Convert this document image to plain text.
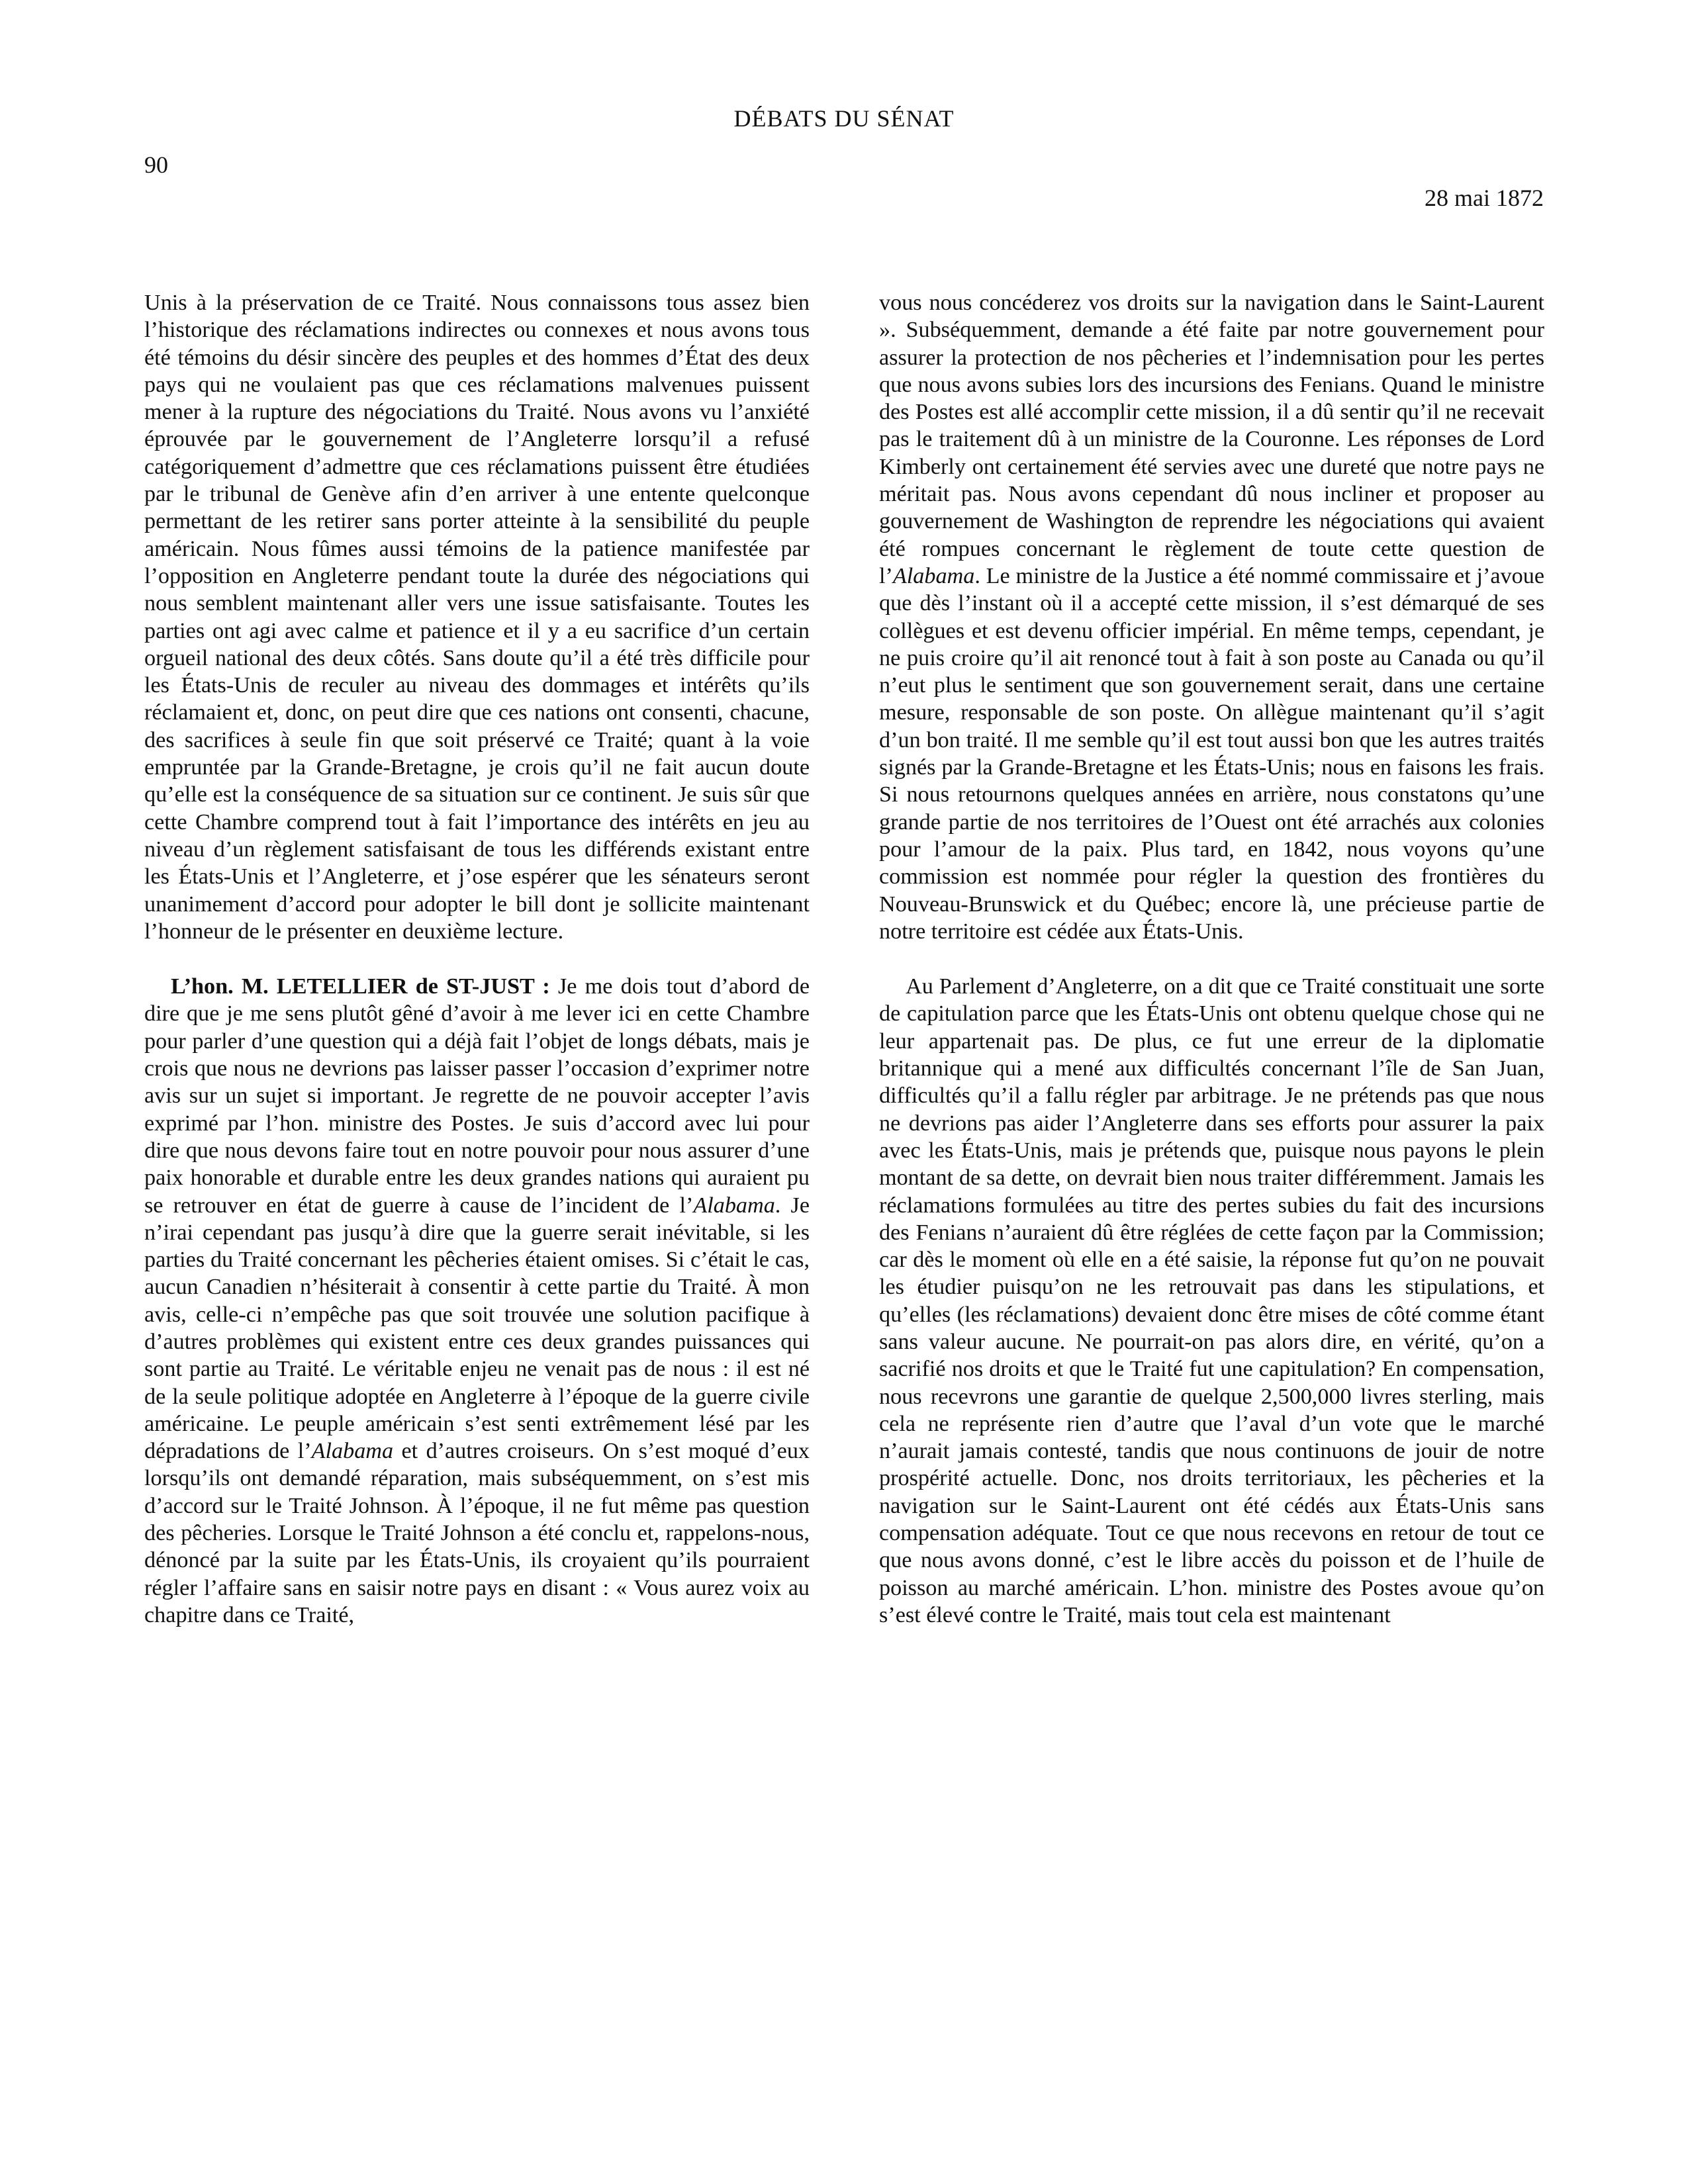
DÉBATS DU SÉNAT
90
28 mai 1872

Unis à la préservation de ce Traité. Nous connaissons tous assez bien l’historique des réclamations indirectes ou connexes et nous avons tous été témoins du désir sincère des peuples et des hommes d’État des deux pays qui ne voulaient pas que ces réclamations malvenues puissent mener à la rupture des négociations du Traité. Nous avons vu l’anxiété éprouvée par le gouvernement de l’Angleterre lorsqu’il a refusé catégoriquement d’admettre que ces réclamations puissent être étudiées par le tribunal de Genève afin d’en arriver à une entente quelconque permettant de les retirer sans porter atteinte à la sensibilité du peuple américain. Nous fûmes aussi témoins de la patience manifestée par l’opposition en Angleterre pendant toute la durée des négociations qui nous semblent maintenant aller vers une issue satisfaisante. Toutes les parties ont agi avec calme et patience et il y a eu sacrifice d’un certain orgueil national des deux côtés. Sans doute qu’il a été très difficile pour les États-Unis de reculer au niveau des dommages et intérêts qu’ils réclamaient et, donc, on peut dire que ces nations ont consenti, chacune, des sacrifices à seule fin que soit préservé ce Traité; quant à la voie empruntée par la Grande-Bretagne, je crois qu’il ne fait aucun doute qu’elle est la conséquence de sa situation sur ce continent. Je suis sûr que cette Chambre comprend tout à fait l’importance des intérêts en jeu au niveau d’un règlement satisfaisant de tous les différends existant entre les États-Unis et l’Angleterre, et j’ose espérer que les sénateurs seront unanimement d’accord pour adopter le bill dont je sollicite maintenant l’honneur de le présenter en deuxième lecture.

L’hon. M. LETELLIER de ST-JUST : Je me dois tout d’abord de dire que je me sens plutôt gêné d’avoir à me lever ici en cette Chambre pour parler d’une question qui a déjà fait l’objet de longs débats, mais je crois que nous ne devrions pas laisser passer l’occasion d’exprimer notre avis sur un sujet si important. Je regrette de ne pouvoir accepter l’avis exprimé par l’hon. ministre des Postes. Je suis d’accord avec lui pour dire que nous devons faire tout en notre pouvoir pour nous assurer d’une paix honorable et durable entre les deux grandes nations qui auraient pu se retrouver en état de guerre à cause de l’incident de l’Alabama. Je n’irai cependant pas jusqu’à dire que la guerre serait inévitable, si les parties du Traité concernant les pêcheries étaient omises. Si c’était le cas, aucun Canadien n’hésiterait à consentir à cette partie du Traité. À mon avis, celle-ci n’empêche pas que soit trouvée une solution pacifique à d’autres problèmes qui existent entre ces deux grandes puissances qui sont partie au Traité. Le véritable enjeu ne venait pas de nous : il est né de la seule politique adoptée en Angleterre à l’époque de la guerre civile américaine. Le peuple américain s’est senti extrêmement lésé par les dépradations de l’Alabama et d’autres croiseurs. On s’est moqué d’eux lorsqu’ils ont demandé réparation, mais subséquemment, on s’est mis d’accord sur le Traité Johnson. À l’époque, il ne fut même pas question des pêcheries. Lorsque le Traité Johnson a été conclu et, rappelons-nous, dénoncé par la suite par les États-Unis, ils croyaient qu’ils pourraient régler l’affaire sans en saisir notre pays en disant : « Vous aurez voix au chapitre dans ce Traité,

vous nous concéderez vos droits sur la navigation dans le Saint-Laurent ». Subséquemment, demande a été faite par notre gouvernement pour assurer la protection de nos pêcheries et l’indemnisation pour les pertes que nous avons subies lors des incursions des Fenians. Quand le ministre des Postes est allé accomplir cette mission, il a dû sentir qu’il ne recevait pas le traitement dû à un ministre de la Couronne. Les réponses de Lord Kimberly ont certainement été servies avec une dureté que notre pays ne méritait pas. Nous avons cependant dû nous incliner et proposer au gouvernement de Washington de reprendre les négociations qui avaient été rompues concernant le règlement de toute cette question de l’Alabama. Le ministre de la Justice a été nommé commissaire et j’avoue que dès l’instant où il a accepté cette mission, il s’est démarqué de ses collègues et est devenu officier impérial. En même temps, cependant, je ne puis croire qu’il ait renoncé tout à fait à son poste au Canada ou qu’il n’eut plus le sentiment que son gouvernement serait, dans une certaine mesure, responsable de son poste. On allègue maintenant qu’il s’agit d’un bon traité. Il me semble qu’il est tout aussi bon que les autres traités signés par la Grande-Bretagne et les États-Unis; nous en faisons les frais. Si nous retournons quelques années en arrière, nous constatons qu’une grande partie de nos territoires de l’Ouest ont été arrachés aux colonies pour l’amour de la paix. Plus tard, en 1842, nous voyons qu’une commission est nommée pour régler la question des frontières du Nouveau-Brunswick et du Québec; encore là, une précieuse partie de notre territoire est cédée aux États-Unis.

Au Parlement d’Angleterre, on a dit que ce Traité constituait une sorte de capitulation parce que les États-Unis ont obtenu quelque chose qui ne leur appartenait pas. De plus, ce fut une erreur de la diplomatie britannique qui a mené aux difficultés concernant l’île de San Juan, difficultés qu’il a fallu régler par arbitrage. Je ne prétends pas que nous ne devrions pas aider l’Angleterre dans ses efforts pour assurer la paix avec les États-Unis, mais je prétends que, puisque nous payons le plein montant de sa dette, on devrait bien nous traiter différemment. Jamais les réclamations formulées au titre des pertes subies du fait des incursions des Fenians n’auraient dû être réglées de cette façon par la Commission; car dès le moment où elle en a été saisie, la réponse fut qu’on ne pouvait les étudier puisqu’on ne les retrouvait pas dans les stipulations, et qu’elles (les réclamations) devaient donc être mises de côté comme étant sans valeur aucune. Ne pourrait-on pas alors dire, en vérité, qu’on a sacrifié nos droits et que le Traité fut une capitulation? En compensation, nous recevrons une garantie de quelque 2,500,000 livres sterling, mais cela ne représente rien d’autre que l’aval d’un vote que le marché n’aurait jamais contesté, tandis que nous continuons de jouir de notre prospérité actuelle. Donc, nos droits territoriaux, les pêcheries et la navigation sur le Saint-Laurent ont été cédés aux États-Unis sans compensation adéquate. Tout ce que nous recevons en retour de tout ce que nous avons donné, c’est le libre accès du poisson et de l’huile de poisson au marché américain. L’hon. ministre des Postes avoue qu’on s’est élevé contre le Traité, mais tout cela est maintenant
